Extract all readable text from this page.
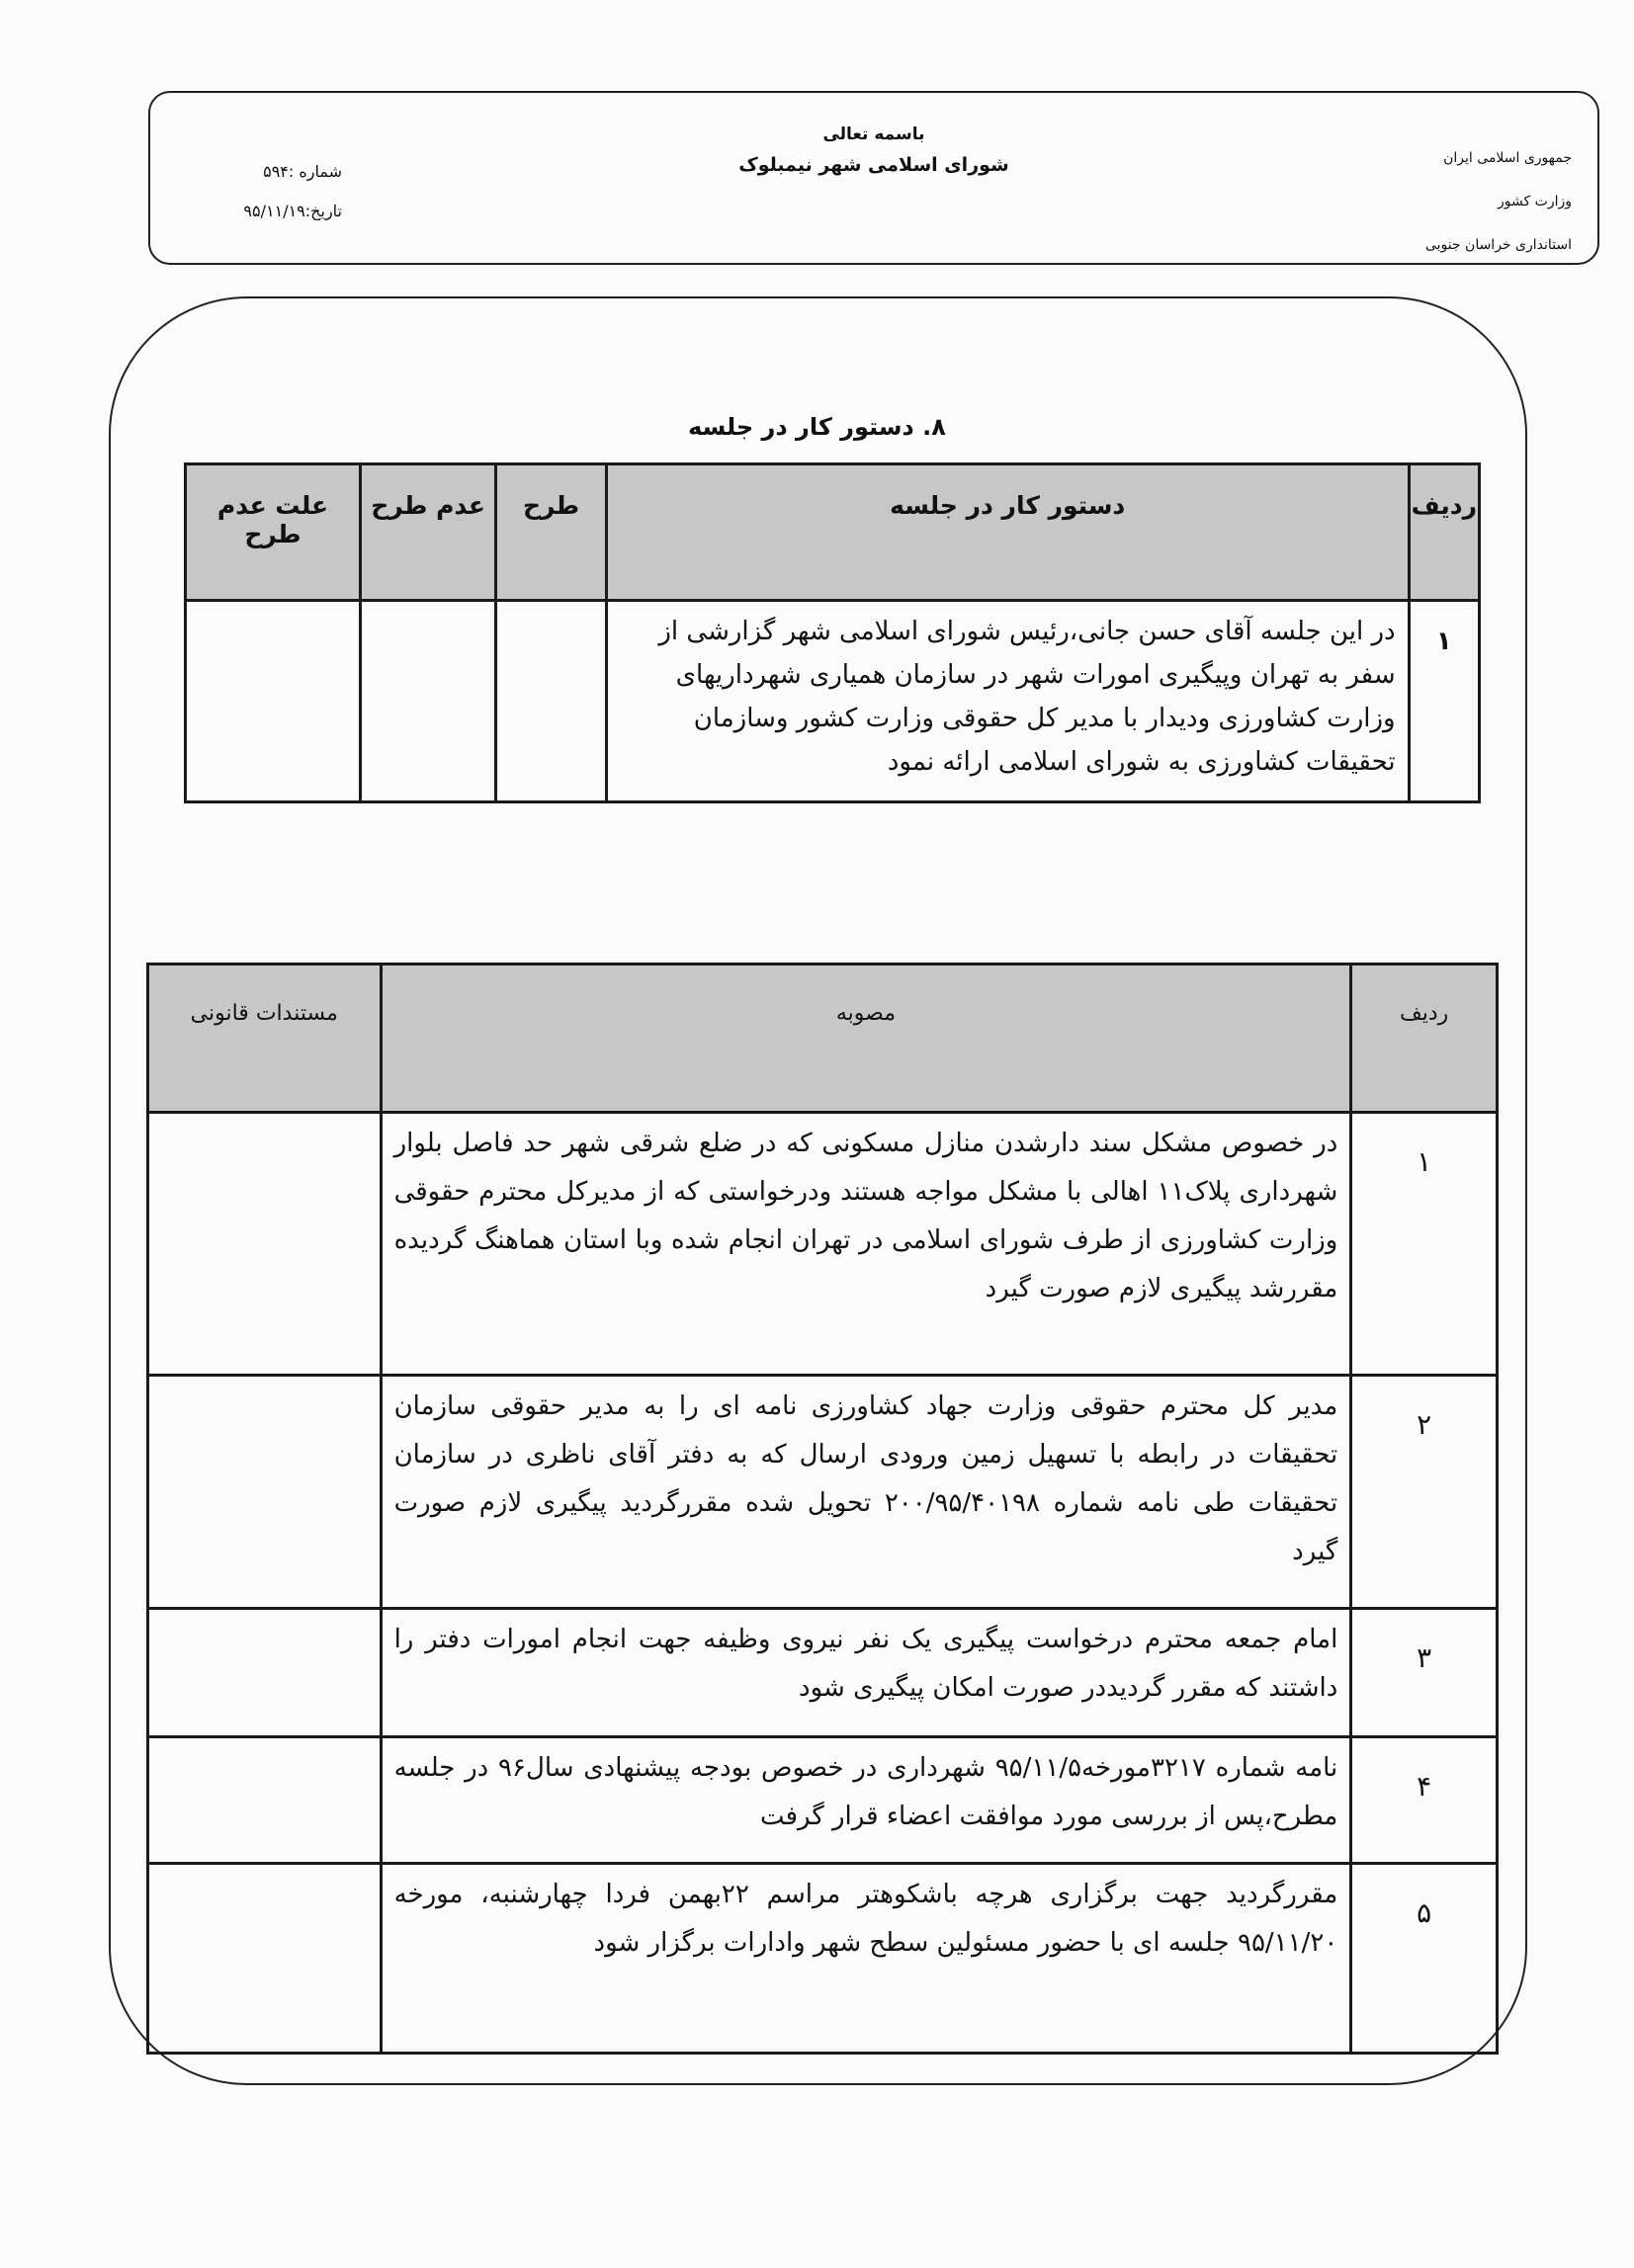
جمهوری اسلامی ایران
وزارت کشور
استانداری خراسان جنوبی
باسمه تعالی
شورای اسلامی شهر نیمبلوک
شماره :۵۹۴
تاریخ:۹۵/۱۱/۱۹
۸. دستور کار در جلسه
ردیف	دستور کار در جلسه	طرح	عدم طرح	علت عدم طرح
۱	در این جلسه آقای حسن جانی،رئیس شورای اسلامی شهر گزارشی از سفر به تهران وپیگیری امورات شهر در سازمان همیاری شهرداریهای وزارت کشاورزی ودیدار با مدیر کل حقوقی وزارت کشور وسازمان تحقیقات کشاورزی به شورای اسلامی ارائه نمود			
ردیف	مصوبه	مستندات قانونی
۱	در خصوص مشکل سند دارشدن منازل مسکونی که در ضلع شرقی شهر حد فاصل بلوار شهرداری پلاک۱۱ اهالی با مشکل مواجه هستند ودرخواستی که از مدیرکل محترم حقوقی وزارت کشاورزی از طرف شورای اسلامی در تهران انجام شده وبا استان هماهنگ گردیده مقررشد پیگیری لازم صورت گیرد	
۲	مدیر کل محترم حقوقی وزارت جهاد کشاورزی نامه ای را به مدیر حقوقی سازمان تحقیقات در رابطه با تسهیل زمین ورودی ارسال که به دفتر آقای ناظری در سازمان تحقیقات طی نامه شماره ۲۰۰/۹۵/۴۰۱۹۸ تحویل شده مقررگردید پیگیری لازم صورت گیرد	
۳	امام جمعه محترم درخواست پیگیری یک نفر نیروی وظیفه جهت انجام امورات دفتر را داشتند که مقرر گردیددر صورت امکان پیگیری شود	
۴	نامه شماره ۳۲۱۷مورخه۹۵/۱۱/۵ شهرداری در خصوص بودجه پیشنهادی سال۹۶ در جلسه مطرح،پس از بررسی مورد موافقت اعضاء قرار گرفت	
۵	مقررگردید جهت برگزاری هرچه باشکوهتر مراسم ۲۲بهمن فردا چهارشنبه، مورخه ۹۵/۱۱/۲۰ جلسه ای با حضور مسئولین سطح شهر وادارات برگزار شود	
